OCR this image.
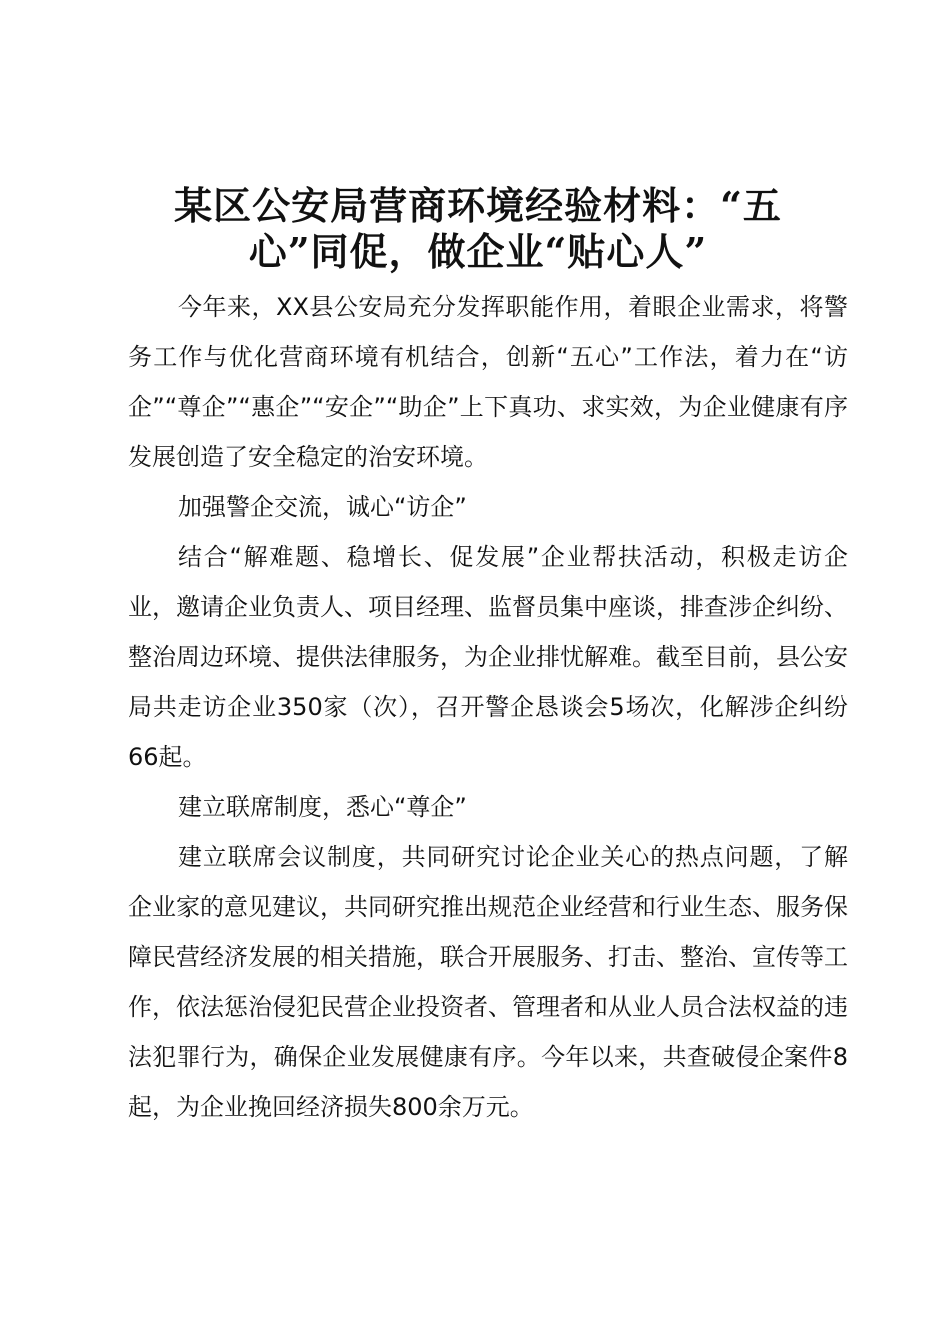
某区公安局营商环境经验材料：“五心”同促，做企业“贴心人”

今年来，XX县公安局充分发挥职能作用，着眼企业需求，将警务工作与优化营商环境有机结合，创新“五心”工作法，着力在“访企”“尊企”“惠企”“安企”“助企”上下真功、求实效，为企业健康有序发展创造了安全稳定的治安环境。

加强警企交流，诚心“访企”

结合“解难题、稳增长、促发展”企业帮扶活动，积极走访企业，邀请企业负责人、项目经理、监督员集中座谈，排查涉企纠纷、整治周边环境、提供法律服务，为企业排忧解难。截至目前，县公安局共走访企业350家（次），召开警企恳谈会5场次，化解涉企纠纷66起。

建立联席制度，悉心“尊企”

建立联席会议制度，共同研究讨论企业关心的热点问题，了解企业家的意见建议，共同研究推出规范企业经营和行业生态、服务保障民营经济发展的相关措施，联合开展服务、打击、整治、宣传等工作，依法惩治侵犯民营企业投资者、管理者和从业人员合法权益的违法犯罪行为，确保企业发展健康有序。今年以来，共查破侵企案件8起，为企业挽回经济损失800余万元。
